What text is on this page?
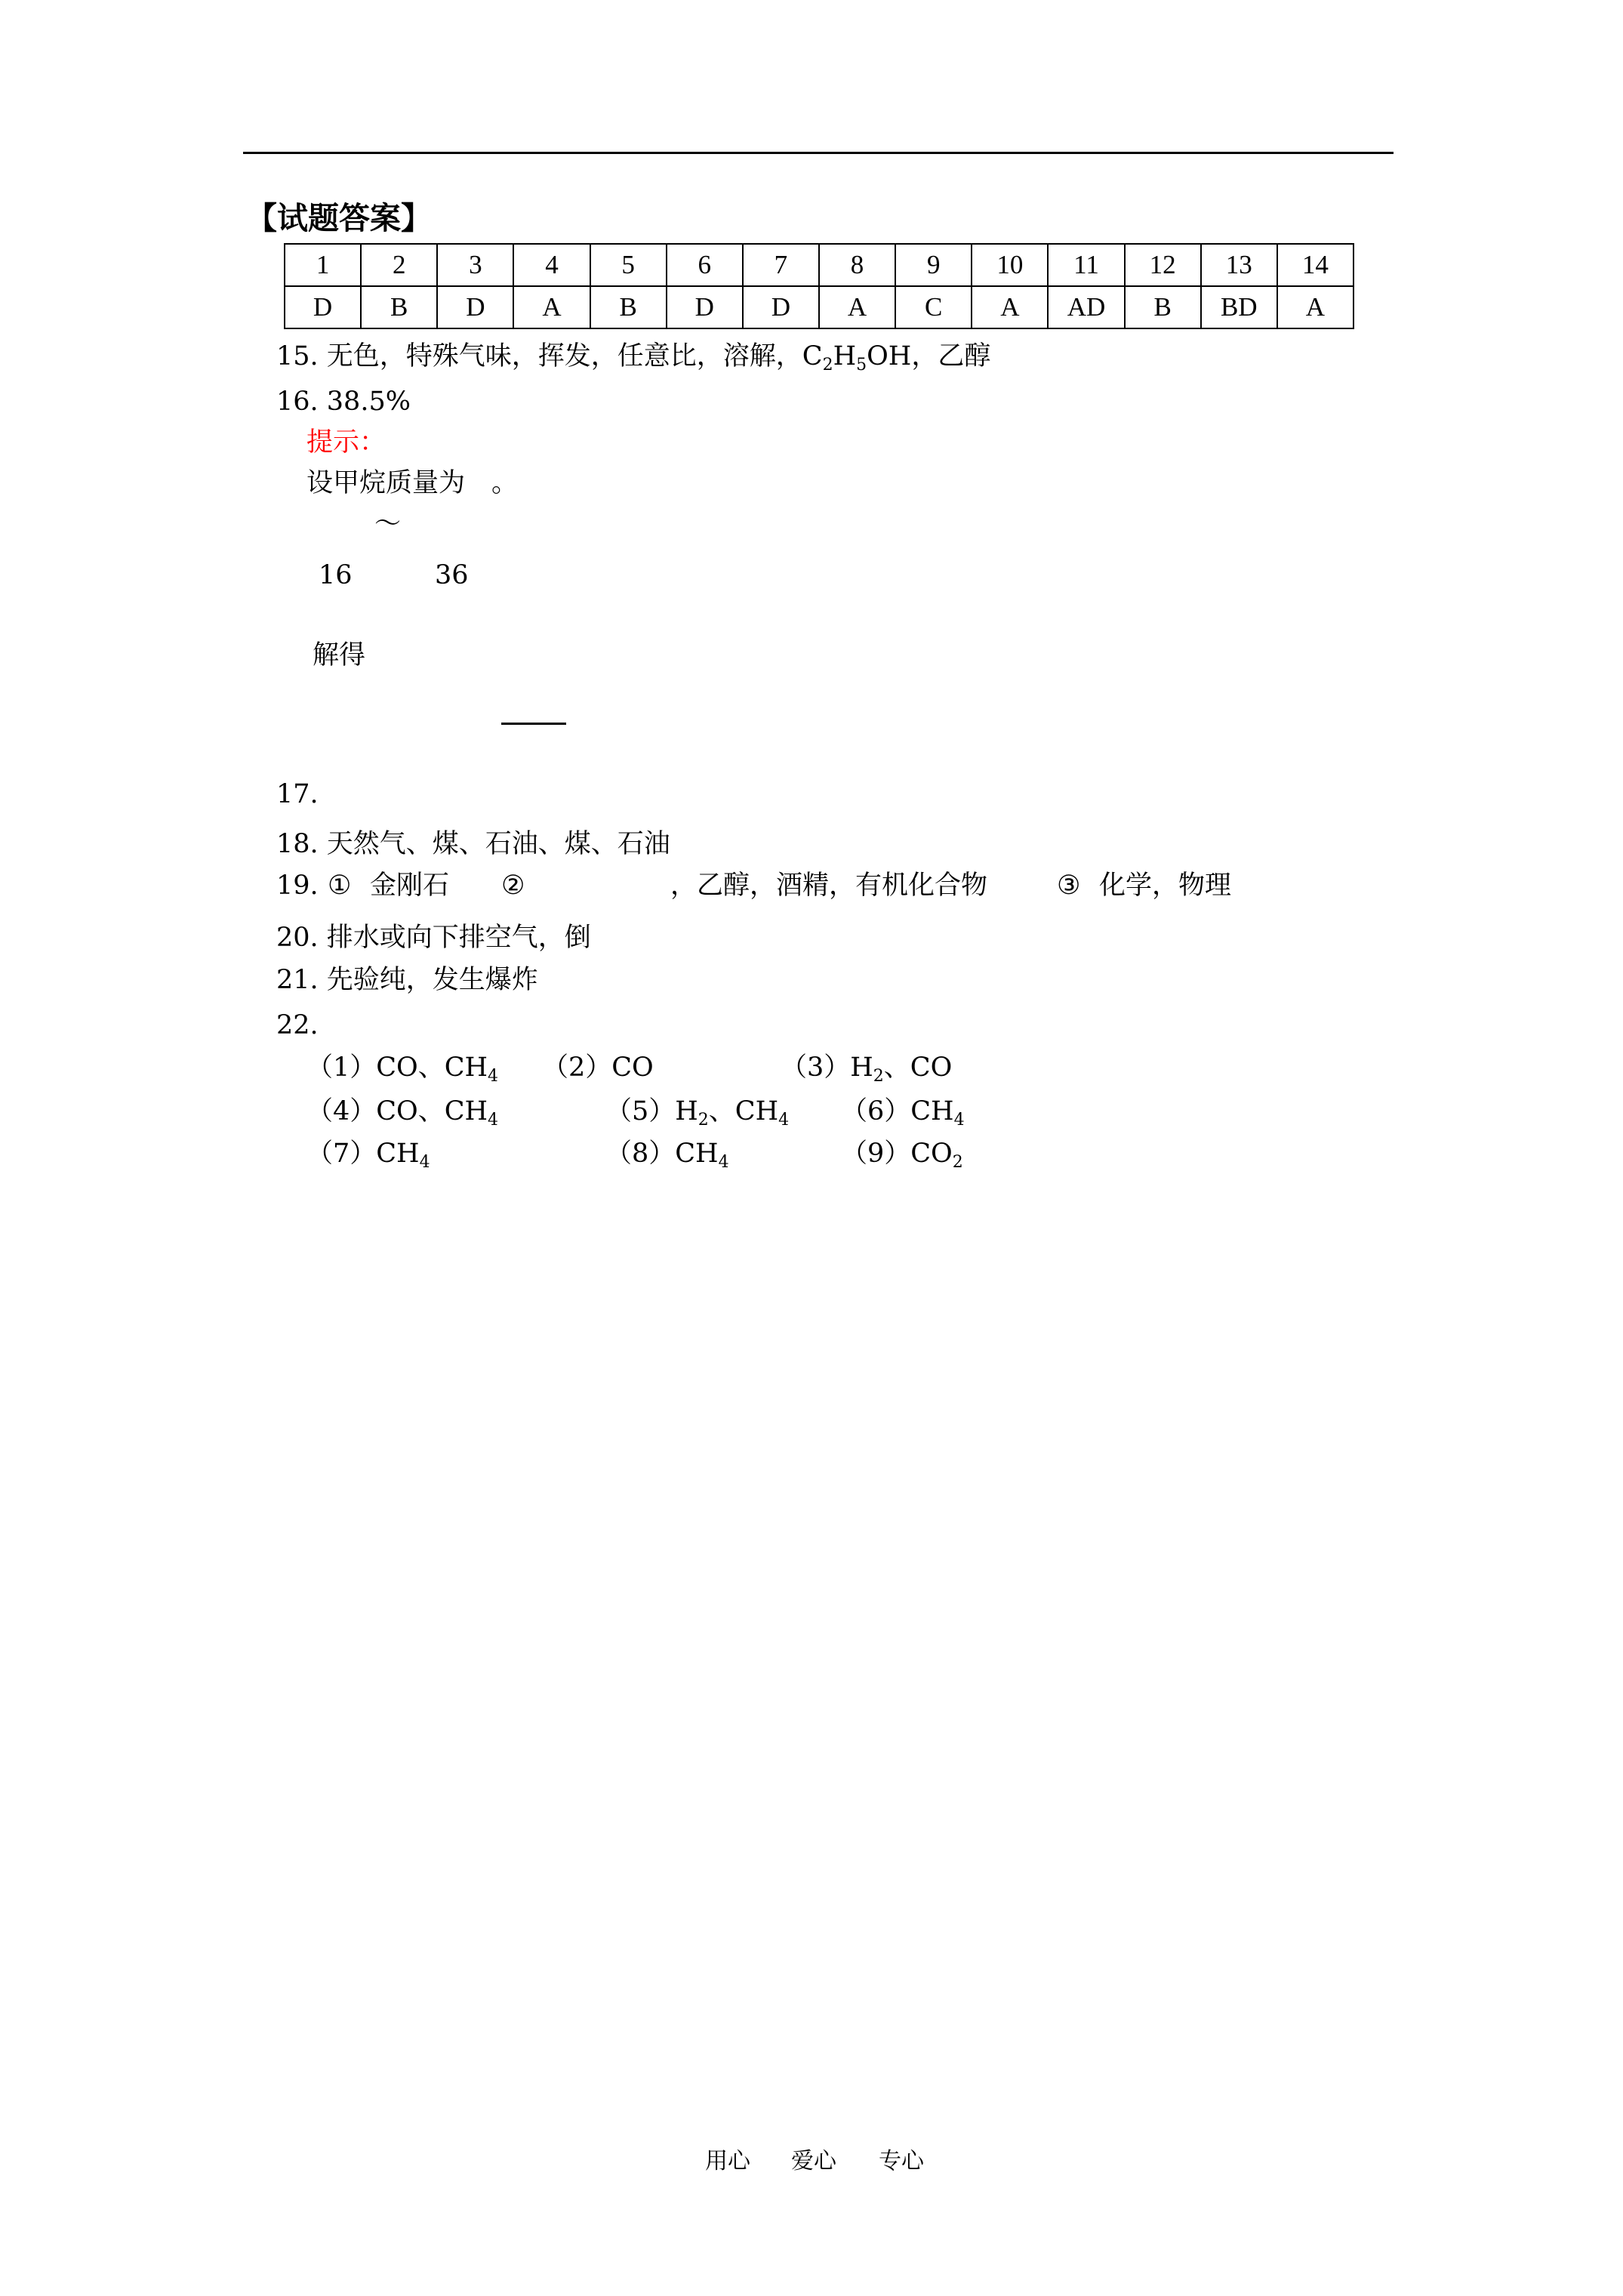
【试题答案】
1	2	3	4	5	6	7	8	9	10	11	12	13	14
D	B	D	A	B	D	D	A	C	A	AD	B	BD	A
15. 无色，特殊气味，挥发，任意比，溶解，$C_2H_5OH$，乙醇
16. 38.5%
提示：
设甲烷质量为　。
～
16	36
解得
17.
18. 天然气、煤、石油、煤、石油
19. ① 金刚石 ②	，乙醇，酒精，有机化合物	③ 化学，物理
20. 排水或向下排空气，倒
21. 先验纯，发生爆炸
22.
（1）CO、$CH_4$ （2）CO	$(3)H_2$、CO
（4）CO、$CH_4$	$(5)H_2$、$CH_4$ $(6)CH_4$
$(7)CH_4$	$(8)CH_4$	$(9)CO_2$
用心 爱心 专心
